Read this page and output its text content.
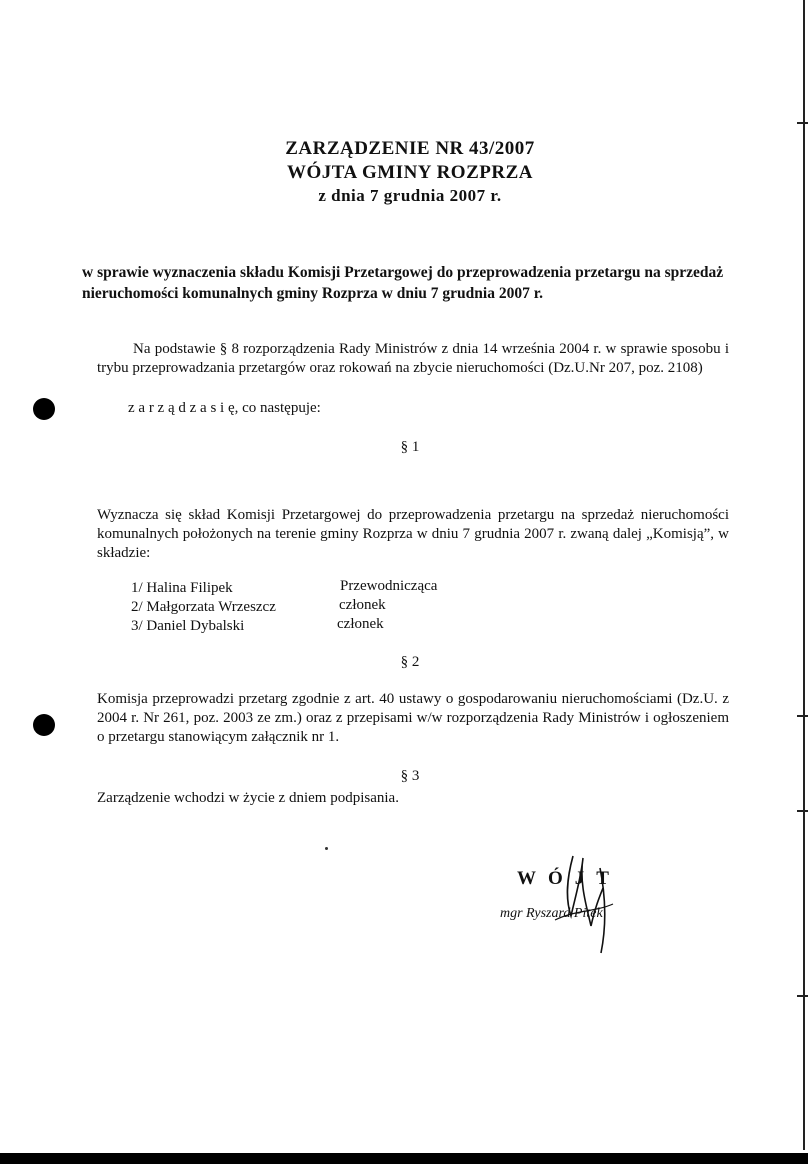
ZARZĄDZENIE NR 43/2007
WÓJTA GMINY ROZPRZA
z dnia 7 grudnia 2007 r.
w sprawie wyznaczenia składu Komisji Przetargowej do przeprowadzenia przetargu na sprzedaż nieruchomości komunalnych gminy Rozprza w dniu 7 grudnia 2007 r.
Na podstawie § 8 rozporządzenia Rady Ministrów z dnia 14 września 2004 r. w sprawie sposobu i trybu przeprowadzania przetargów oraz rokowań na zbycie nieruchomości (Dz.U.Nr 207, poz. 2108)
z a r z ą d z a s i ę, co następuje:
§ 1
Wyznacza się skład Komisji Przetargowej do przeprowadzenia przetargu na sprzedaż nieruchomości komunalnych położonych na terenie gminy Rozprza w dniu 7 grudnia 2007 r. zwaną dalej „Komisją”, w składzie:
1/ Halina Filipek	Przewodnicząca
2/ Małgorzata Wrzeszcz	członek
3/ Daniel Dybalski	członek
§ 2
Komisja przeprowadzi przetarg zgodnie z art. 40 ustawy o gospodarowaniu nieruchomościami (Dz.U. z 2004 r. Nr 261, poz. 2003 ze zm.) oraz z przepisami w/w rozporządzenia Rady Ministrów i ogłoszeniem o przetargu stanowiącym załącznik nr 1.
§ 3
Zarządzenie wchodzi w życie z dniem podpisania.
WÓJT
mgr Ryszard Pitek
